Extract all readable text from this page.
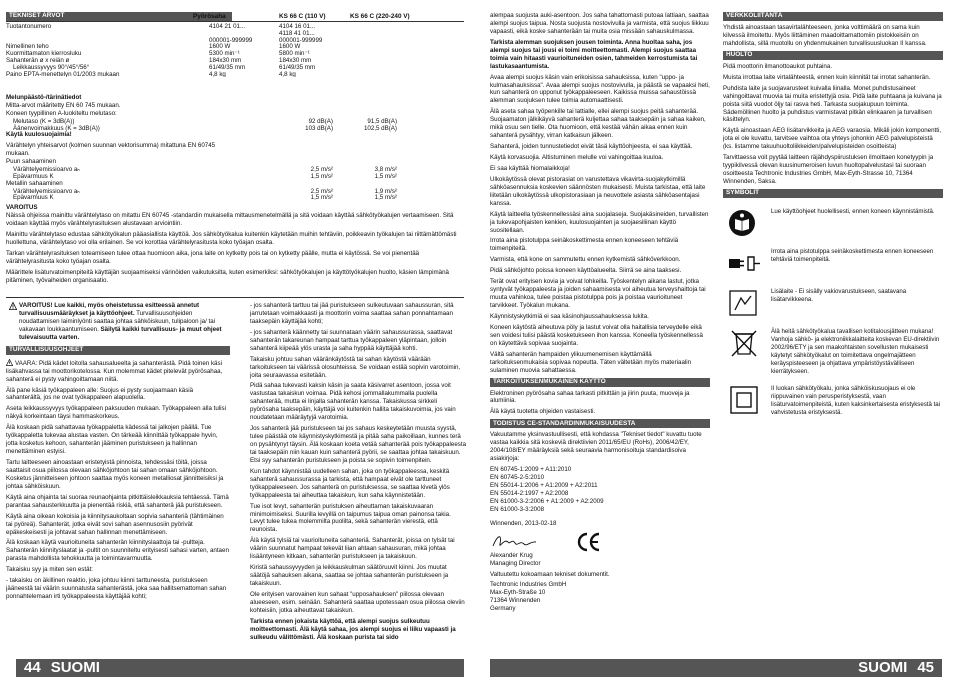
TEKNISET ARVOT	Pyörösaha	KS 66 C (110 V)	KS 66 C (220-240 V)
Tuotantonumero	4104 21 01...	4104 16 01...
4118 41 01...
000001-999999	000001-999999
Nimellinen teho	1600 W	1600 W
Kuormittamaton kierrosluku	5300 min⁻¹	5800 min⁻¹
Sahanterän ø x reiän ø	184x30 mm	184x30 mm
Leikkaussyvyys 90°/45°/56°	61/49/35 mm	61/49/35 mm
Paino EPTA-menettelyn 01/2003 mukaan	4,8 kg	4,8 kg
Melunpäästö-/tärinätiedot
Mitta-arvot määritetty EN 60 745 mukaan.
Koneen tyypillinen A-luokiteltu melutaso:
Melutaso (K = 3dB(A))	92 dB(A)	91,5 dB(A)
Äänenvoimakkuus (K = 3dB(A))	103 dB(A)	102,5 dB(A)
Käytä kuulosuojaimia!
Värähtelyn yhteisarvot (kolmen suunnan vektorisumma) mitattuna EN 60745 mukaan.
Puun sahaaminen
Värähtelyemissioarvo aₕ	2,5 m/s²	3,8 m/s²
Epävarmuus K	1,5 m/s²	1,5 m/s²
Metallin sahaaminen
Värähtelyemissioarvo aₕ	2,5 m/s²	1,9 m/s²
Epävarmuus K	1,5 m/s²	1,5 m/s²
VAROITUS
Näissä ohjeissa mainittu värähtelytaso on mitattu EN 60745 -standardin mukaisella mittausmenetelmällä ja sitä voidaan käyttää sähkötyökalujen vertaamiseen. Sitä voidaan käyttää myös värähtelyrasituksen alustavaan arviointiin.
Mainittu värähtelytaso edustaa sähkötyökalun pääasiallista käyttöä. Jos sähkötyökalua kuitenkin käytetään muihin tehtäviin, poikkeavin työkalujen tai riittämättömästi huollettuna, värähtelytaso voi olla erilainen. Se voi korottaa värähtelyrasitusta koko työajan osalta.
Tarkan värähtelyrasituksen toteamiseen tulee ottaa huomioon aika, jona laite on kytketty pois tai on kytketty päälle, mutta ei käytössä. Se voi pienentää värähtelyrasitusta koko työajan osalta.
Määrittele lisäturvatoimenpiteitä käyttäjän suojaamiseksi värinöiden vaikutuksilta, kuten esimerkiksi: sähkötyökalujen ja käyttötyökalujen huolto, käsien lämpimänä pitäminen, työvaiheiden organisaatio.
VAROITUS! Lue kaikki, myös oheistetussa esitteessä annetut turvallisuusmääräykset ja käyttöohjeet. Turvallisuusohjeiden noudattamisen laiminlyönti saattaa johtaa sähköiskuun, tulipaloon ja/ tai vakavaan loukkaantumiseen. Säilytä kaikki turvallisuus- ja muut ohjeet tulevaisuutta varten.
TURVALLISUUSOHJEET
VAARA: Pidä kädet loitolla sahausalueelta ja sahanterästä. Pidä toinen käsi lisäkahvassa tai moottorikotelossa. Kun molemmat kädet pitelevät pyörösahaa, sahanterä ei pysty vahingoittamaan niitä.
Älä pane käsiä työkappaleen alle: Suojus ei pysty suojaamaan käsiä sahanterältä, jos ne ovat työkappaleen alapuolella.
Aseta leikkaussyvyys työkappaleen paksuuden mukaan. Työkappaleen alla tulisi näkyä korkeintaan täysi hammaskorkeus.
Älä koskaan pidä sahattavaa työkappaletta kädessä tai jalkojen päällä. Tue työkappaletta tukevaa alustaa vasten. On tärkeää kiinnittää työkappale hyvin, jotta kosketus kehoon, sahanterän jääminen puristukseen ja hallinnan menettäminen estyisi.
Tartu laitteeseen ainoastaan eristetyistä pinnoista, tehdessäsi töitä, joissa saattaisit osua piilossa olevaan sähköjohtoon tai sahan omaan sähköjohtoon. Kosketus jännitteiseen johtoon saattaa myös koneen metalliosat jännitteisiksi ja johtaa sähköiskuun.
Käytä aina ohjainta tai suoraa reunaohjainta pitkittäisleikkauksia tehtäessä. Tämä parantaa sahausterkkuutta ja pienentää riskiä, että sahanterä jää puristukseen.
Käytä aina oikean kokoisia ja kiinnitysaukoltaan sopivia sahanteriä (tähtimäinen tai pyöreä). Sahanterät, jotka eivät sovi sahan asennusosiin pyörivät epäkeskeisesti ja johtavat sahan hallinnan menettämiseen.
Älä koskaan käytä vaurioituneita sahanterän kiinnityslaattoja tai -pultteja. Sahanterän kiinnityslaatat ja -pultit on suunniteltu erityisesti sahasi varten, antaen parasta mahdollista tehokkuutta ja toimintavarmuutta.
Takaisku syy ja miten sen estät:
- takaisku on äkillinen reaktio, joka johtuu kiinni tarttuneesta, puristukseen jääneestä tai väärin suunnatusta sahanterästä, joka saa hallitsemattoman sahan ponnahtelemaan irti työkappaleesta käyttäjää kohti;
- jos sahanterä tarttuu tai jää puristukseen sulkeutuvaan sahaussuran, sitä jarrutetaan voimakkaasti ja moottorin voima saattaa sahan ponnahtamaan taaksepäin käyttäjää kohti;
- jos sahanterä käännetty tai suunnataan väärin sahaussurassa, saattavat sahanterän takareunan hampaat tarttua työkappaleen yläpintaan, jolloin sahanterä kiipeää ylös urasta ja saha hyppää käyttäjää kohti.
Takaisku johtuu sahan vääränkäytöstä tai sahan käytöstä väärään tarkoitukseen tai väärissä olosuhteissa. Se voidaan estää sopivin varotoimin, joita seuraavassa esitetään.
Pidä sahaa tukevasti kaksin käsin ja saata käsivarret asentoon, jossa voit vastustaa takaiskun voimaa. Pidä kehosi jommallakummalla puolella sahanterää, mutta ei linjalla sahanterän kanssa. Takaiskussa sirkkeli pyörösaha taaksepäin, käyttäjä voi kuitenkin hallita takaiskuvoimia, jos vain noudatetaan määräytyjä varotoimia.
Jos sahanterä jää puristukseen tai jos sahaus keskeytetään muusta syystä, tulee päästää ote käynnistyskytkimestä ja pitää saha paikoillaan, kunnes terä on pysähtynyt täysin. Älä koskaan koeta vetää sahanterää pois työkappaleesta tai taaksepäin niin kauan kuin sahanterä pyörii, se saattaa johtaa takaiskuun. Etsi syy sahanterän puristukseen ja poista se sopivin toimenpitein.
Kun tahdot käynnistää uudelleen sahan, joka on työkappaleessa, keskitä sahanterä sahaussurassa ja tarkista, että hampaat eivät ole tarttuneet työkappaleeseen. Jos sahanterä on puristuksessa, se saattaa kivetä ylös työkappaleesta tai aiheuttaa takaiskun, kun saha käynnistetään.
Tue isot levyt, sahanterän puristuksen aiheuttaman takaiskuvaaran minimoimiseksi. Suurilla levyillä on taipumus taipua oman painonsa takia. Levyt tulee tukea molemmilta puolilta, sekä sahanterän vierestä, että reunoista.
Älä käytä tylsiä tai vaurioituneita sahanteriä. Sahanterät, joissa on tylsät tai väärin suunnatut hampaat tekevät liian ahtaan sahausuran, mikä johtaa lisääntyneen kitkaan, sahanterän puristukseen ja takaiskuun.
Kiristä sahaussyvyyden ja leikkauskulman säätöruuvit kiinni. Jos muutat säätöjä sahauksen aikana, saattaa se johtaa sahanterän puristukseen ja takaiskuun.
Ole erityisen varovainen kun sahaat "upposahauksen" piilossa olevaan alueeseen, esim. seinään. Sahanterä saattaa upotessaan osua piilossa oleviin kohteisiin, jotka aiheuttavat takaiskun.
Tarkista ennen jokaista käyttöä, että alempi suojus sulkeutuu moitteettomasti. Älä käytä sahaa, jos alempi suojus ei liiku vapaasti ja sulkeudu välittömästi. Älä koskaan purista tai sido
44 SUOMI
alempaa suojusta auki-asentoon. Jos saha tahattomasti putoaa lattiaan, saattaa alempi suojus taipua. Nosta suojusta nostovivulla ja varmista, että suojus liikkuu vapaasti, eikä koske sahanterään tai muita osia missään sahauskulmassa.
Tarkista alemman suojuksen jousen toiminta. Anna huoltaa saha, jos alempi suojus tai jousi ei toimi moitteettomasti. Alempi suojus saattaa toimia vain hitaasti vaurioituneiden osien, tahmeiden kerrostumista tai lastukasaantumista.
Avaa alempi suojus käsin vain erikoisissa sahauksissa, kuten "uppo- ja kulmasahauksissa". Avaa alempi suojus nostovivulla, ja päästä se vapaaksi heti, kun sahanterä on upponut työkappaleeseen. Kaikissa muissa sahaustöissä alemman suojuksen tulee toimia automaattisesti.
Älä aseta sahaa työpenkille tai lattialle, ellei alempi suojus peitä sahanterää. Suojaamaton jälkikäyvä sahanterä kuljettaa sahaa taaksepäin ja sahaa kaiken, mikä osuu sen tielle. Ota huomioon, että kestää vähän aikaa ennen kuin sahanterä pysähtyy, virran katkaisun jälkeen.
Sahanterä, joiden tunnustetiedot eivät täsä käyttöohjeesta, ei saa käyttää.
Käytä korvasuojia. Altistuminen melulle voi vahingoittaa kuuloa.
Ei saa käyttää hiomalaikkoja!
Ulkokäytössä olevat pistorasiat on varustettava vikavirta-suojakytkimillä sähköasennuksia koskevien säännösten mukaisesti. Muista tarkistaa, että laite liitetään ulkokäytössä ulkopistorasiaan ja neuvottele asiasta sähköasentajasi kanssa.
Käytä laitteella työskennellessäsi aina suojalaseja. Suojakäsineiden, turvallisten ja tukevapohjaisten kenkien, kuulosuojainten ja suojaesiliinan käyttö suositellaan.
Irrota aina pistotulppa seinäkoskettimesta ennen koneeseen tehtäviä toimenpiteitä.
Varmista, että kone on sammutettu ennen kytkemistä sähköverkkoon.
Pidä sähköjohto poissa koneen käyttöalueelta. Siirrä se aina taaksesi.
Terät ovat erityisen kovia ja voivat lohkeilla. Työskentelyn aikana lastut, jotka syntyvät työkappaleesta ja joiden sahaamisesta voi aiheutua terveyshaittoja tai muuta vahinkoa, tulee poistaa pistotulppa pois ja poistaa vaurioituneet tarvikkeet. Työkalun mukana.
Käynnistyskytkimiä ei saa käsinohjaussahauksessa lukita.
Koneen käytöstä aiheutuva pöly ja lastut voivat olla haitallisia terveydelle eikä sen voidesi tulisi päästä kosketukseen ihon kanssa. Koneella työskennellessä on käytettävä sopivaa suojainta.
Vältä sahanterän hampaiden ylikuumenemisen käyttämällä tarkoituksenmukaisia sopivaa nopeutta. Täten vältetään myös materiaalin sulaminen muovia sahattaessa.
TARKOITUKSENMUKAINEN KÄYTTÖ
Elektroninen pyörösaha sahaa tarkasti pitkittäin ja jiirin puuta, muoveja ja alumiinia.
Älä käytä tuotetta ohjeiden vastaisesti.
TODISTUS CE-STANDARDINMUKAISUUDESTA
Vakuutamme yksinvastuullisesti, että kohdassa "Tekniset tiedot" kuvattu tuote vastaa kaikkia sitä koskeviä direktiivien 2011/65/EU (RoHs), 2006/42/EY, 2004/108/EY määräyksiä sekä seuraavia harmonisoituja standardisoiva asiakirjoja:
EN 60745-1:2009 + A11:2010
EN 60745-2-5:2010
EN 55014-1:2006 + A1:2009 + A2:2011
EN 55014-2:1997 + A2:2008
EN 61000-3-2:2006 + A1:2009 + A2:2009
EN 61000-3-3:2008
Winnenden, 2013-02-18
Alexander Krug
Managing Director
Valtuutettu kokoamaan tekniset dokumentit.
Techtronic Industries GmbH
Max-Eyth-Straße 10
71364 Winnenden
Germany
VERKKOLIITÄNTÄ
Yhdistä ainoastaan tasavirtalähteeseen, jonka volttimäärä on sama kuin kilvessä ilmoitettu. Myös liittäminen maadoittamattomiin pistokkeisiin on mahdollista, sillä muotollu on yhdenmukainen turvallisuusluokan II kanssa.
HUOLTO
Pidä moottorin ilmanottoaukot puhtaina.
Muista irrottaa laite virtalähteestä, ennen kuin kiinnität tai irrotat sahanterän.
Puhdista laite ja suojavarusteet kuivalla liinalla. Monet puhdistusaineet vahingoittavat muovia tai muita eristettyjä osia. Pidä laite puhtaana ja kuivana ja poista siitä vuodot öljy tai rasva heti. Tarkasta suojakupuun toiminta. Sädemöllinen huolto ja puhdistus varmistavat pitkän elinkaaren ja turvallisen käsittelyn.
Käytä ainoastaan AEG lisätarvikkeita ja AEG varaosia. Mikäli jokin komponentti, jota ei ole kuvattu, tarvitsee vaihtoa ota yhteys johonkin AEG palvelupisteistä (ks. listamme takuuhuoltoliikkeiden/palvelupisteiden osoitteista)
Tarvittaessa voit pyytää laitteen räjähdyspiirustuksen ilmoittaen konetyypin ja tyypikilvessä olevan kuusinumeroisen luvun huoltopalvelustasi tai suoraan osoitteesta Techtronic Industries GmbH, Max-Eyth-Strasse 10, 71364 Winnenden, Saksa.
SYMBOLIT
Lue käyttöohjeet huolellisesti, ennen koneen käynnistämistä.
Irrota aina pistotulppa seinäkoskettimesta ennen koneeseen tehtäviä toimenpiteitä.
Lisälaite - Ei sisälly vakiovarustukseen, saatavana lisätarvikkeena.
Älä heitä sähkötyökalua tavallisen kotitalousjätteen mukana! Vanhoja sähkö- ja elektroniikkalaitteita koskevan EU-direktiivin 2002/96/ETY ja sen maakohtaisten sovellusten mukaisesti käytetyt sähkötyökalut on toimitettava ongelmajätteen keräyspisteeseen ja ohjattava ympäristöystävälliseen kierrätykseen.
II luokan sähkötyökalu, jonka sähköiskusuojaus ei ole riippuvainen vain perusperistyksestä, vaan lisäturvatoimenpiteistä, kuten kaksinkertaisesta eristyksestä tai vahvistetusta eristyksestä.
SUOMI 45
